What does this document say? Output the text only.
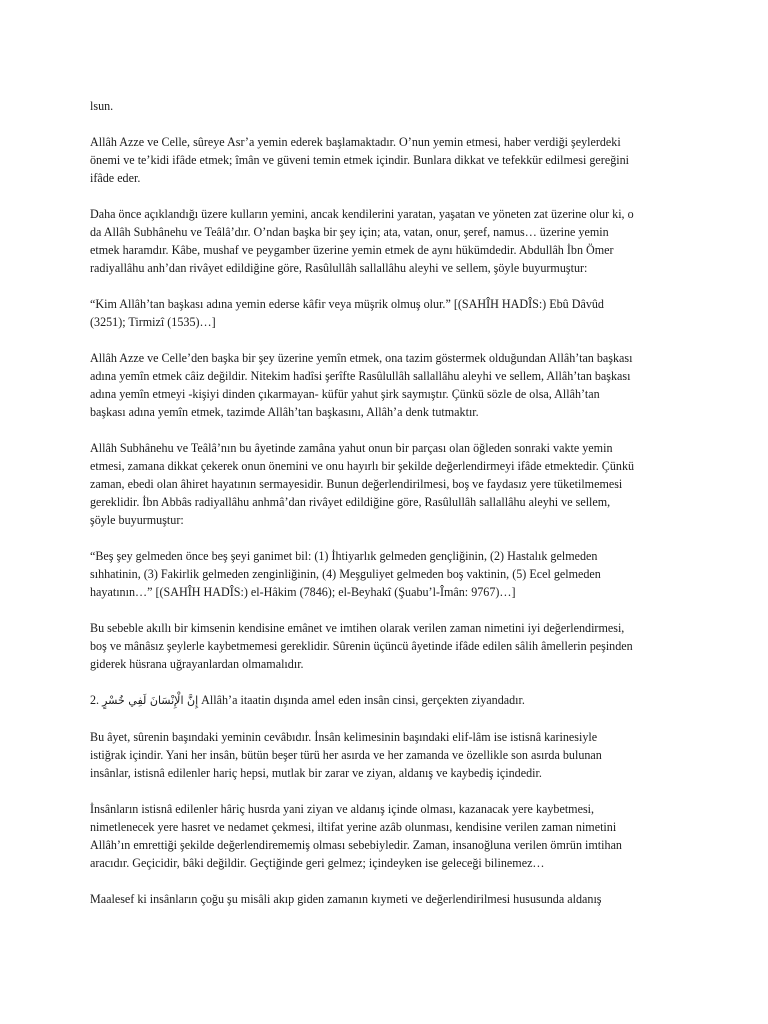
lsun.

Allâh Azze ve Celle, sûreye Asr’a yemin ederek başlamaktadır. O’nun yemin etmesi, haber verdiği şeylerdeki
önemi ve te’kidi ifâde etmek; îmân ve güveni temin etmek içindir. Bunlara dikkat ve tefekkür edilmesi gereğini
ifâde eder.

Daha önce açıklandığı üzere kulların yemini, ancak kendilerini yaratan, yaşatan ve yöneten zat üzerine olur ki, o
da Allâh Subhânehu ve Teâlâ’dır. O’ndan başka bir şey için; ata, vatan, onur, şeref, namus… üzerine yemin
etmek haramdır. Kâbe, mushaf ve peygamber üzerine yemin etmek de aynı hükümdedir. Abdullâh İbn Ömer
radiyallâhu anh’dan rivâyet edildiğine göre, Rasûlullâh sallallâhu aleyhi ve sellem, şöyle buyurmuştur:

“Kim Allâh’tan başkası adına yemin ederse kâfir veya müşrik olmuş olur.” [(SAHÎH HADÎS:) Ebû Dâvûd
(3251); Tirmizî (1535)…]

Allâh Azze ve Celle’den başka bir şey üzerine yemîn etmek, ona tazim göstermek olduğundan Allâh’tan başkası
adına yemîn etmek câiz değildir. Nitekim hadîsi şerîfte Rasûlullâh sallallâhu aleyhi ve sellem, Allâh’tan başkası
adına yemîn etmeyi -kişiyi dinden çıkarmayan- küfür yahut şirk saymıştır. Çünkü sözle de olsa, Allâh’tan
başkası adına yemîn etmek, tazimde Allâh’tan başkasını, Allâh’a denk tutmaktır.

Allâh Subhânehu ve Teâlâ’nın bu âyetinde zamâna yahut onun bir parçası olan öğleden sonraki vakte yemin
etmesi, zamana dikkat çekerek onun önemini ve onu hayırlı bir şekilde değerlendirmeyi ifâde etmektedir. Çünkü
zaman, ebedi olan âhiret hayatının sermayesidir. Bunun değerlendirilmesi, boş ve faydasız yere tüketilmemesi
gereklidir. İbn Abbâs radiyallâhu anhmâ’dan rivâyet edildiğine göre, Rasûlullâh sallallâhu aleyhi ve sellem,
şöyle buyurmuştur:

“Beş şey gelmeden önce beş şeyi ganimet bil: (1) İhtiyarlık gelmeden gençliğinin, (2) Hastalık gelmeden
sıhhatinin, (3) Fakirlik gelmeden zenginliğinin, (4) Meşguliyet gelmeden boş vaktinin, (5) Ecel gelmeden
hayatının…” [(SAHÎH HADÎS:) el-Hâkim (7846); el-Beyhakî (Şuabu’l-Îmân: 9767)…]

Bu sebeble akıllı bir kimsenin kendisine emânet ve imtihen olarak verilen zaman nimetini iyi değerlendirmesi,
boş ve mânâsız şeylerle kaybetmemesi gereklidir. Sûrenin üçüncü âyetinde ifâde edilen sâlih âmellerin peşinden
giderek hüsrana uğrayanlardan olmamalıdır.

2. إِنَّ الْإِنْسَانَ لَفِي خُسْرٍ Allâh’a itaatin dışında amel eden insân cinsi, gerçekten ziyandadır.

Bu âyet, sûrenin başındaki yeminin cevâbıdır. İnsân kelimesinin başındaki elif-lâm ise istisnâ karinesiyle
istiğrak içindir. Yani her insân, bütün beşer türü her asırda ve her zamanda ve özellikle son asırda bulunan
insânlar, istisnâ edilenler hariç hepsi, mutlak bir zarar ve ziyan, aldanış ve kaybediş içindedir.

İnsânların istisnâ edilenler hâriç husrda yani ziyan ve aldanış içinde olması, kazanacak yere kaybetmesi,
nimetlenecek yere hasret ve nedamet çekmesi, iltifat yerine azâb olunması, kendisine verilen zaman nimetini
Allâh’ın emrettiği şekilde değerlendirememiş olması sebebiyledir. Zaman, insanoğluna verilen ömrün imtihan
aracıdır. Geçicidir, bâki değildir. Geçtiğinde geri gelmez; içindeyken ise geleceği bilinemez…

Maalesef ki insânların çoğu şu misâli akıp giden zamanın kıymeti ve değerlendirilmesi hususunda aldanış
